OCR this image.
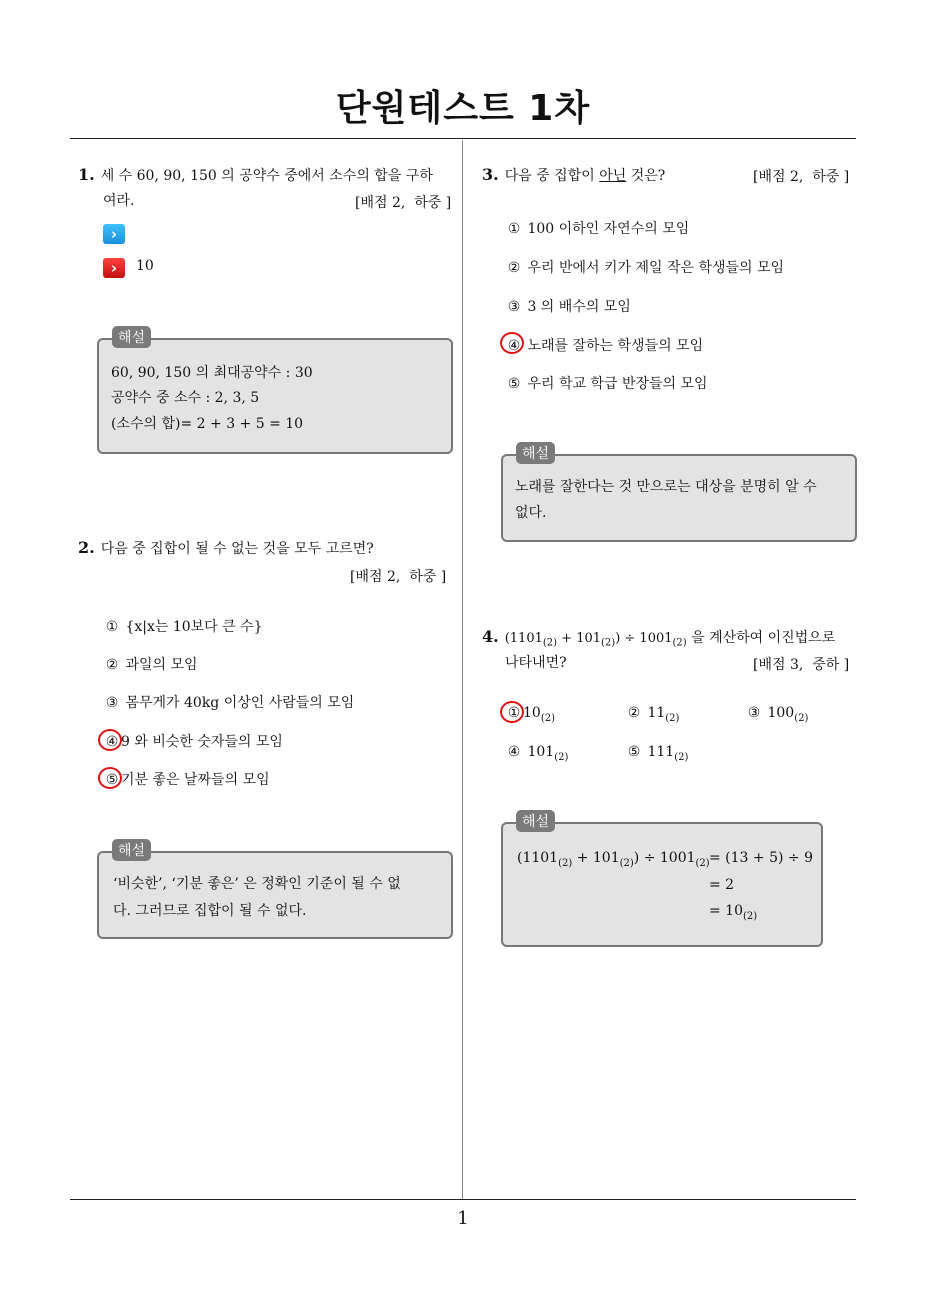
단원테스트 1차
1. 세 수 60, 90, 150 의 공약수 중에서 소수의 합을 구하
여라.	[배점 2,  하중 ]
›
›	10
60, 90, 150 의 최대공약수 : 30
공약수 중 소수 : 2, 3, 5
(소수의 합)= 2 + 3 + 5 = 10
해설
2. 다음 중 집합이 될 수 없는 것을 모두 고르면?
[배점 2,  하중 ]
① {x|x는 10보다 큰 수}
② 과일의 모임
③ 몸무게가 40kg 이상인 사람들의 모임
④ 9 와 비슷한 숫자들의 모임
⑤ 기분 좋은 날짜들의 모임
‘비슷한’, ‘기분 좋은’ 은 정확인 기준이 될 수 없
다. 그러므로 집합이 될 수 없다.
해설
3. 다음 중 집합이 아닌 것은?	[배점 2,  하중 ]
① 100 이하인 자연수의 모임
② 우리 반에서 키가 제일 작은 학생들의 모임
③ 3 의 배수의 모임
④ 노래를 잘하는 학생들의 모임
⑤ 우리 학교 학급 반장들의 모임
노래를 잘한다는 것 만으로는 대상을 분명히 알 수
없다.
해설
4. $(1101_{(2)} + 101_{(2)}) \div 1001_{(2)}$ 을 계산하여 이진법으로
나타내면?	[배점 3,  중하 ]
① $10_{(2)}$	② $11_{(2)}$	③ $100_{(2)}$
④ $101_{(2)}$	⑤ $111_{(2)}$
$(1101_{(2)} + 101_{(2)}) \div 1001_{(2)} = (13 + 5) \div 9$
= 2
= $10_{(2)}$
해설
1
